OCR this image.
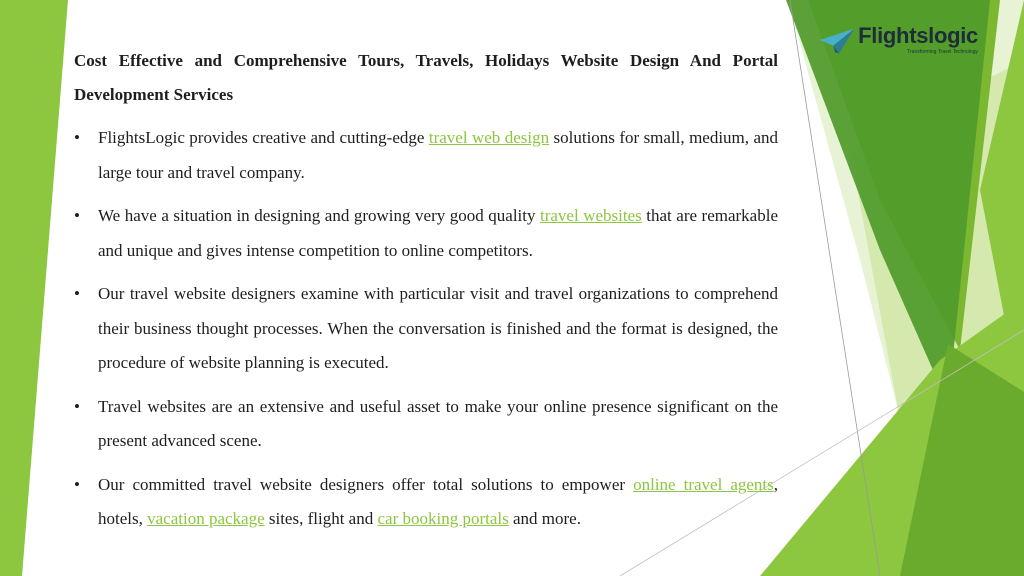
Flightslogic
Transforming Travel Technology

Cost Effective and Comprehensive Tours, Travels, Holidays Website Design And Portal Development Services

• FlightsLogic provides creative and cutting-edge travel web design solutions for small, medium, and large tour and travel company.
• We have a situation in designing and growing very good quality travel websites that are remarkable and unique and gives intense competition to online competitors.
• Our travel website designers examine with particular visit and travel organizations to comprehend their business thought processes. When the conversation is finished and the format is designed, the procedure of website planning is executed.
• Travel websites are an extensive and useful asset to make your online presence significant on the present advanced scene.
• Our committed travel website designers offer total solutions to empower online travel agents, hotels, vacation package sites, flight and car booking portals and more.
